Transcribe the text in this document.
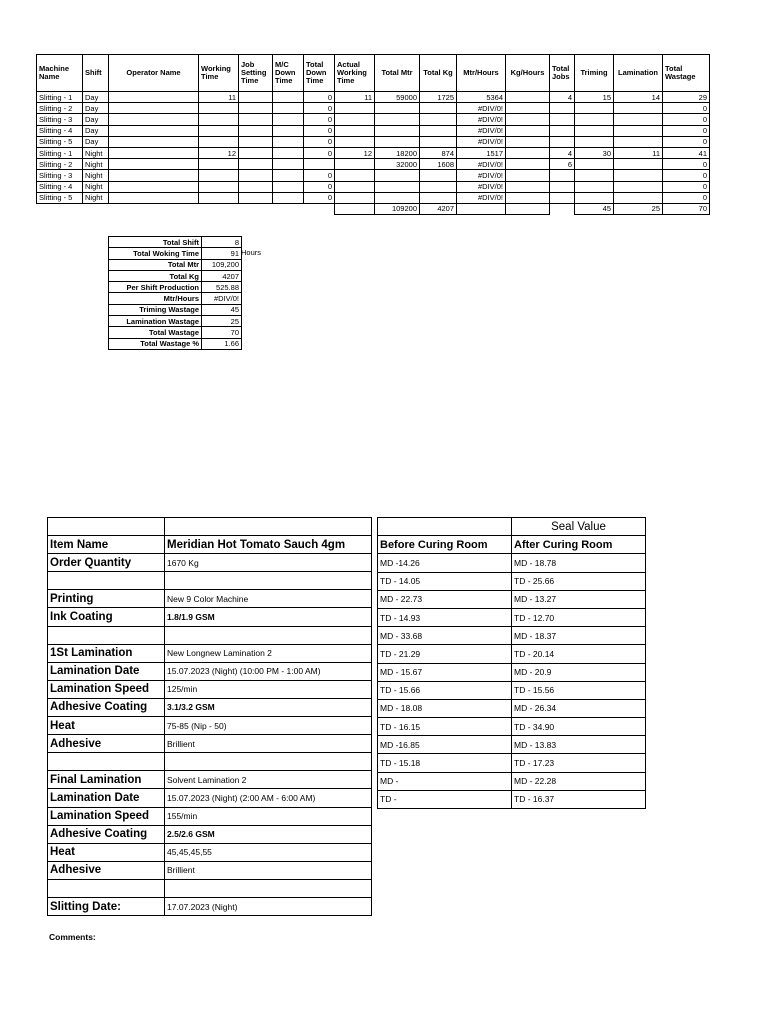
Machine Name	Shift	Operator Name	Working Time	Job Setting Time	M/C Down Time	Total Down Time	Actual Working Time	Total Mtr	Total Kg	Mtr/Hours	Kg/Hours	Total Jobs	Triming	Lamination	Total Wastage
Slitting - 1	Day		11			0	11	59000	1725	5364		4	15	14	29
Slitting - 2	Day					0				#DIV/0!					0
Slitting - 3	Day					0				#DIV/0!					0
Slitting - 4	Day					0				#DIV/0!					0
Slitting - 5	Day					0				#DIV/0!					0
Slitting - 1	Night		12			0	12	18200	874	1517		4	30	11	41
Slitting - 2	Night							32000	1608	#DIV/0!		6			0
Slitting - 3	Night					0				#DIV/0!					0
Slitting - 4	Night					0				#DIV/0!					0
Slitting - 5	Night					0				#DIV/0!					0
								109200	4207				45	25	70
Total Shift	8
Total Woking Time	91
Total Mtr	109,200
Total Kg	4207
Per Shift Production	525.88
Mtr/Hours	#DIV/0!
Triming Wastage	45
Lamination Wastage	25
Total Wastage	70
Total Wastage %	1.66
Hours

Item Name	Meridian Hot Tomato Sauch 4gm
Order Quantity	1670 Kg

Printing	New 9 Color Machine
Ink Coating	1.8/1.9 GSM

1St Lamination	New Longnew Lamination 2
Lamination Date	15.07.2023 (Night) (10:00 PM - 1:00 AM)
Lamination Speed	125/min
Adhesive Coating	3.1/3.2 GSM
Heat	75-85 (Nip - 50)
Adhesive	Brillient

Final Lamination	Solvent Lamination 2
Lamination Date	15.07.2023 (Night) (2:00 AM - 6:00 AM)
Lamination Speed	155/min
Adhesive Coating	2.5/2.6 GSM
Heat	45,45,45,55
Adhesive	Brillient

Slitting Date:	17.07.2023 (Night)
	Seal Value
Before Curing Room	After Curing Room
MD -14.26	MD - 18.78
TD - 14.05	TD - 25.66
MD - 22.73	MD - 13.27
TD - 14.93	TD - 12.70
MD - 33.68	MD - 18.37
TD - 21.29	TD - 20.14
MD - 15.67	MD - 20.9
TD - 15.66	TD - 15.56
MD - 18.08	MD - 26.34
TD - 16.15	TD - 34.90
MD -16.85	MD - 13.83
TD - 15.18	TD - 17.23
MD -	MD - 22.28
TD -	TD - 16.37
Comments:
